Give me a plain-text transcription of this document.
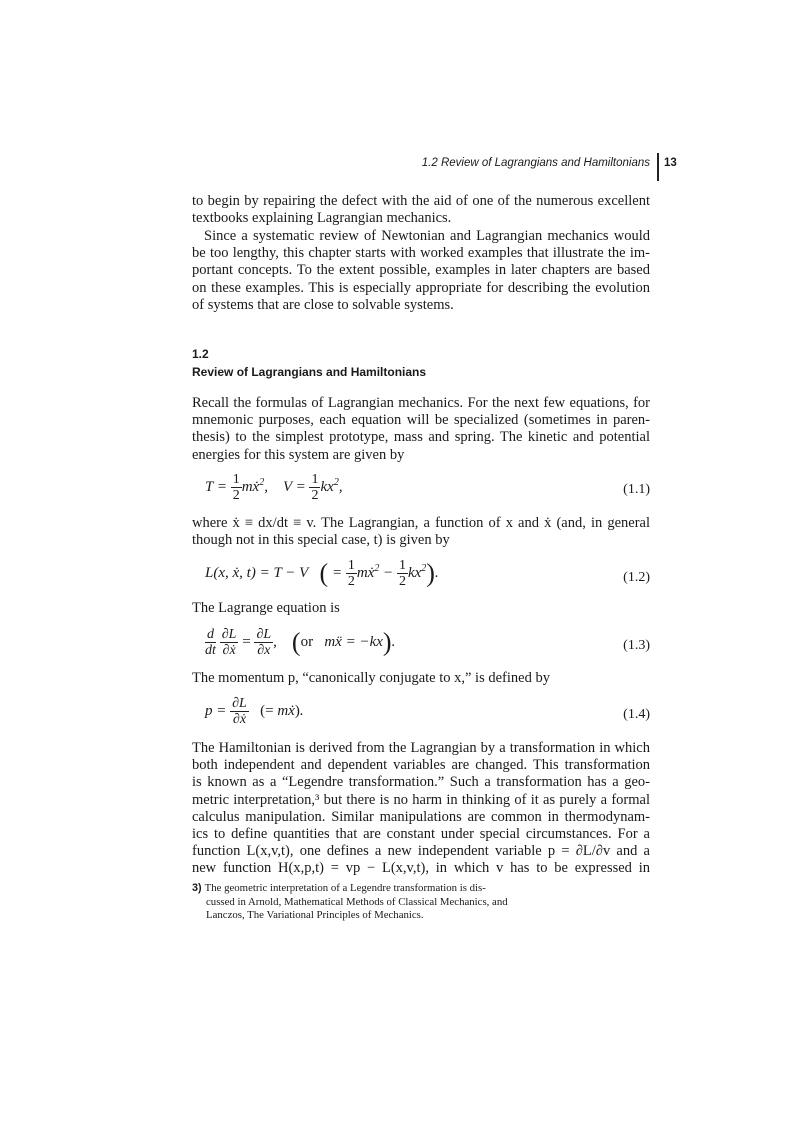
1.2 Review of Lagrangians and Hamiltonians 13
to begin by repairing the defect with the aid of one of the numerous excellent
textbooks explaining Lagrangian mechanics.
Since a systematic review of Newtonian and Lagrangian mechanics would
be too lengthy, this chapter starts with worked examples that illustrate the im-
portant concepts. To the extent possible, examples in later chapters are based
on these examples. This is especially appropriate for describing the evolution
of systems that are close to solvable systems.
1.2
Review of Lagrangians and Hamiltonians
Recall the formulas of Lagrangian mechanics. For the next few equations, for
mnemonic purposes, each equation will be specialized (sometimes in paren-
thesis) to the simplest prototype, mass and spring. The kinetic and potential
energies for this system are given by
$T = \frac{1}{2}$ mẋ$^2$,    $V = \frac{1}{2} kx^2$,	(1.1)
where ẋ ≡ dx/dt ≡ v. The Lagrangian, a function of x and ẋ (and, in general
though not in this special case, t) is given by
L(x, ẋ, t) = T − V   ( = $\frac{1}{2}$ mẋ$^2$ − $\frac{1}{2} kx^2$).	(1.2)
The Lagrange equation is
$\frac{d}{dt}$
$\frac{\partial L}{\text{∂ẋ}} = \frac{\partial L}{\partial x}$ ,    (or   mẍ = −kx).	(1.3)
The momentum p, “canonically conjugate to x,” is defined by
$p = \frac{\partial L}{\text{∂ẋ}}$ (= mẋ).	(1.4)
The Hamiltonian is derived from the Lagrangian by a transformation in which
both independent and dependent variables are changed. This transformation
is known as a “Legendre transformation.” Such a transformation has a geo-
metric interpretation,³ but there is no harm in thinking of it as purely a formal
calculus manipulation. Similar manipulations are common in thermodynam-
ics to define quantities that are constant under special circumstances. For a
function L(x,v,t), one defines a new independent variable p = ∂L/∂v and a
new function H(x,p,t) = vp − L(x,v,t), in which v has to be expressed in
3) The geometric interpretation of a Legendre transformation is dis-
cussed in Arnold, Mathematical Methods of Classical Mechanics, and
Lanczos, The Variational Principles of Mechanics.
